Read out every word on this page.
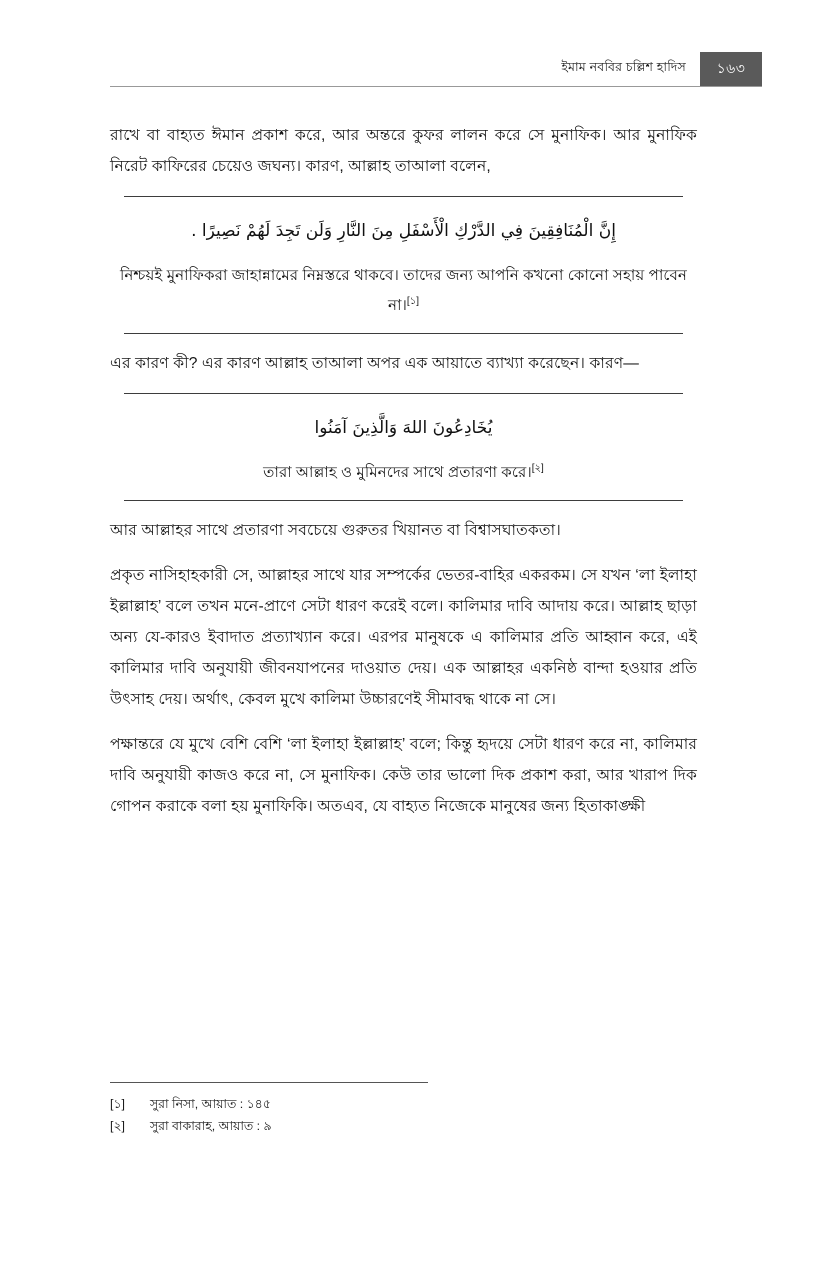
ইমাম নববির চল্লিশ হাদিস	১৬৩

রাখে বা বাহ্যত ঈমান প্রকাশ করে, আর অন্তরে কুফর লালন করে সে মুনাফিক। আর মুনাফিক নিরেট কাফিরের চেয়েও জঘন্য। কারণ, আল্লাহ তাআলা বলেন,

إِنَّ الْمُنَافِقِينَ فِي الدَّرْكِ الْأَسْفَلِ مِنَ النَّارِ وَلَن تَجِدَ لَهُمْ نَصِيرًا .
নিশ্চয়ই মুনাফিকরা জাহান্নামের নিম্নস্তরে থাকবে। তাদের জন্য আপনি কখনো কোনো সহায় পাবেন না।[১]

এর কারণ কী? এর কারণ আল্লাহ তাআলা অপর এক আয়াতে ব্যাখ্যা করেছেন। কারণ—

يُخَادِعُونَ اللهَ وَالَّذِينَ آمَنُوا
তারা আল্লাহ ও মুমিনদের সাথে প্রতারণা করে।[২]

আর আল্লাহর সাথে প্রতারণা সবচেয়ে গুরুতর খিয়ানত বা বিশ্বাসঘাতকতা।

প্রকৃত নাসিহাহকারী সে, আল্লাহর সাথে যার সম্পর্কের ভেতর-বাহির একরকম। সে যখন ‘লা ইলাহা ইল্লাল্লাহ’ বলে তখন মনে-প্রাণে সেটা ধারণ করেই বলে। কালিমার দাবি আদায় করে। আল্লাহ ছাড়া অন্য যে-কারও ইবাদাত প্রত্যাখ্যান করে। এরপর মানুষকে এ কালিমার প্রতি আহ্বান করে, এই কালিমার দাবি অনুযায়ী জীবনযাপনের দাওয়াত দেয়। এক আল্লাহর একনিষ্ঠ বান্দা হওয়ার প্রতি উৎসাহ দেয়। অর্থাৎ, কেবল মুখে কালিমা উচ্চারণেই সীমাবদ্ধ থাকে না সে।

পক্ষান্তরে যে মুখে বেশি বেশি ‘লা ইলাহা ইল্লাল্লাহ’ বলে; কিন্তু হৃদয়ে সেটা ধারণ করে না, কালিমার দাবি অনুযায়ী কাজও করে না, সে মুনাফিক। কেউ তার ভালো দিক প্রকাশ করা, আর খারাপ দিক গোপন করাকে বলা হয় মুনাফিকি। অতএব, যে বাহ্যত নিজেকে মানুষের জন্য হিতাকাঙ্ক্ষী

[১]	সুরা নিসা, আয়াত : ১৪৫
[২]	সুরা বাকারাহ, আয়াত : ৯
